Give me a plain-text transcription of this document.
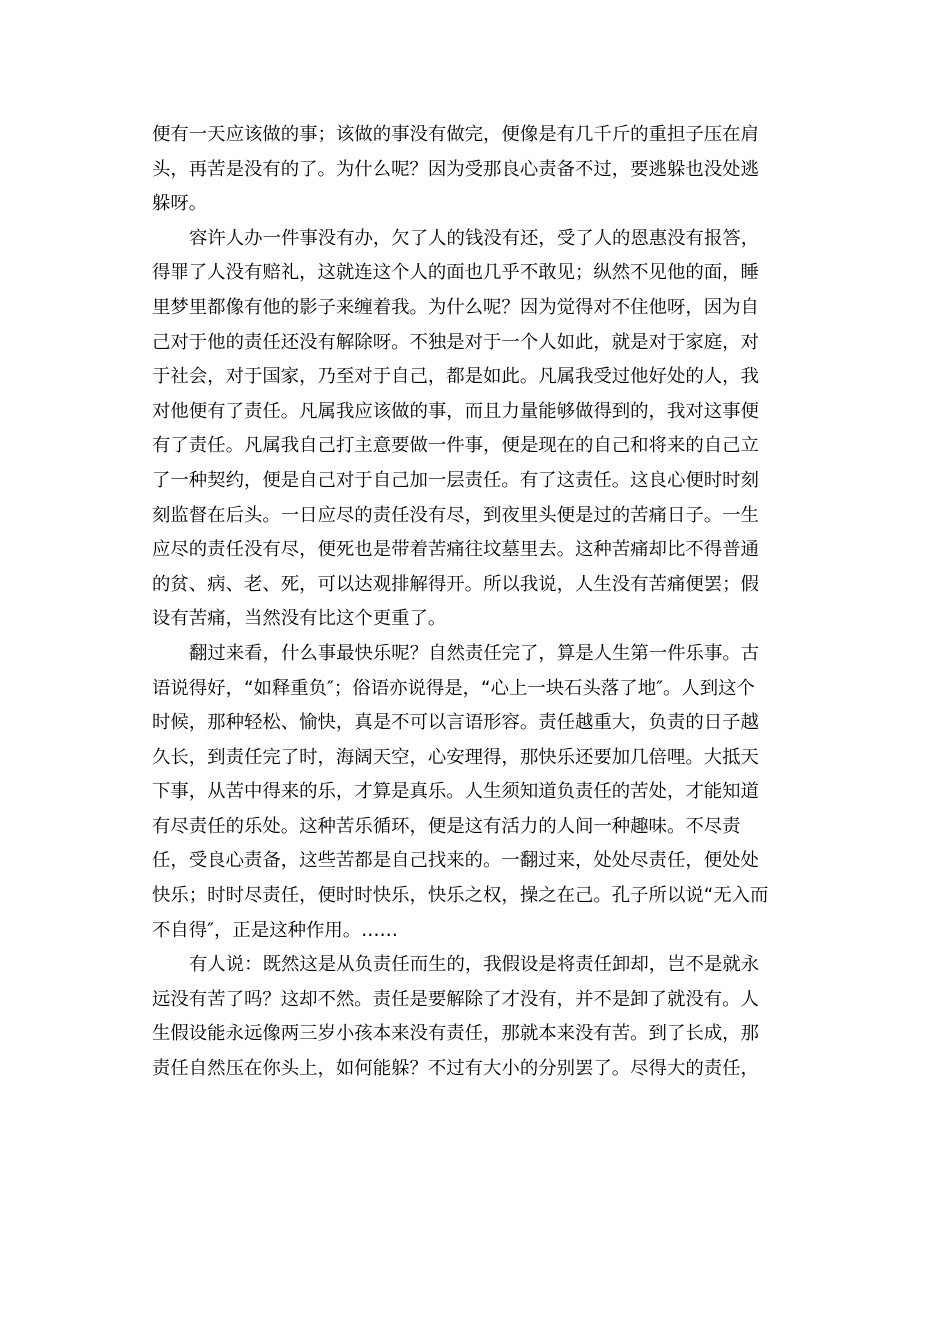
便有一天应该做的事；该做的事没有做完，便像是有几千斤的重担子压在肩
头，再苦是没有的了。为什么呢？因为受那良心责备不过，要逃躲也没处逃
躲呀。
容许人办一件事没有办，欠了人的钱没有还，受了人的恩惠没有报答，
得罪了人没有赔礼，这就连这个人的面也几乎不敢见；纵然不见他的面，睡
里梦里都像有他的影子来缠着我。为什么呢？因为觉得对不住他呀，因为自
己对于他的责任还没有解除呀。不独是对于一个人如此，就是对于家庭，对
于社会，对于国家，乃至对于自己，都是如此。凡属我受过他好处的人，我
对他便有了责任。凡属我应该做的事，而且力量能够做得到的，我对这事便
有了责任。凡属我自己打主意要做一件事，便是现在的自己和将来的自己立
了一种契约，便是自己对于自己加一层责任。有了这责任。这良心便时时刻
刻监督在后头。一日应尽的责任没有尽，到夜里头便是过的苦痛日子。一生
应尽的责任没有尽，便死也是带着苦痛往坟墓里去。这种苦痛却比不得普通
的贫、病、老、死，可以达观排解得开。所以我说，人生没有苦痛便罢；假
设有苦痛，当然没有比这个更重了。
翻过来看，什么事最快乐呢？自然责任完了，算是人生第一件乐事。古
语说得好，“如释重负″；俗语亦说得是，“心上一块石头落了地″。人到这个
时候，那种轻松、愉快，真是不可以言语形容。责任越重大，负责的日子越
久长，到责任完了时，海阔天空，心安理得，那快乐还要加几倍哩。大抵天
下事，从苦中得来的乐，才算是真乐。人生须知道负责任的苦处，才能知道
有尽责任的乐处。这种苦乐循环，便是这有活力的人间一种趣味。不尽责
任，受良心责备，这些苦都是自己找来的。一翻过来，处处尽责任，便处处
快乐；时时尽责任，便时时快乐，快乐之权，操之在己。孔子所以说“无入而
不自得″，正是这种作用。……
有人说：既然这是从负责任而生的，我假设是将责任卸却，岂不是就永
远没有苦了吗？这却不然。责任是要解除了才没有，并不是卸了就没有。人
生假设能永远像两三岁小孩本来没有责任，那就本来没有苦。到了长成，那
责任自然压在你头上，如何能躲？不过有大小的分别罢了。尽得大的责任，
